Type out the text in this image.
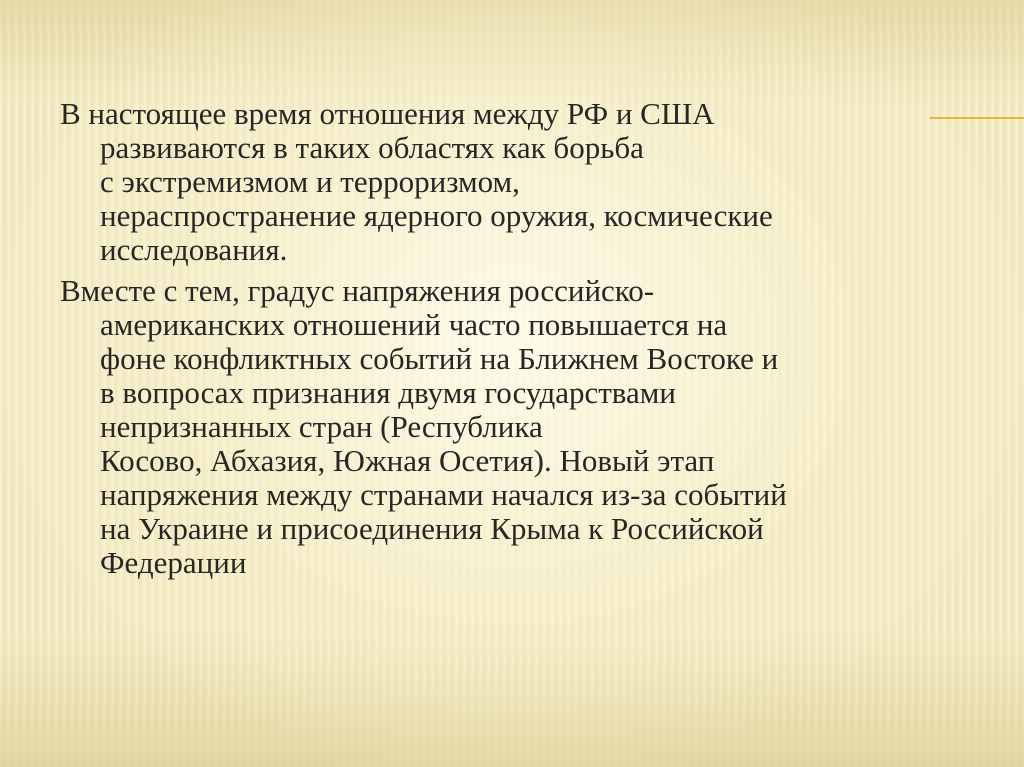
В настоящее время отношения между РФ и США
развиваются в таких областях как борьба
с экстремизмом и терроризмом,
нераспространение ядерного оружия, космические
исследования.
Вместе с тем, градус напряжения российско-
американских отношений часто повышается на
фоне конфликтных событий на Ближнем Востоке и
в вопросах признания двумя государствами
непризнанных стран (Республика
Косово, Абхазия, Южная Осетия). Новый этап
напряжения между странами начался из-за событий
на Украине и присоединения Крыма к Российской
Федерации
